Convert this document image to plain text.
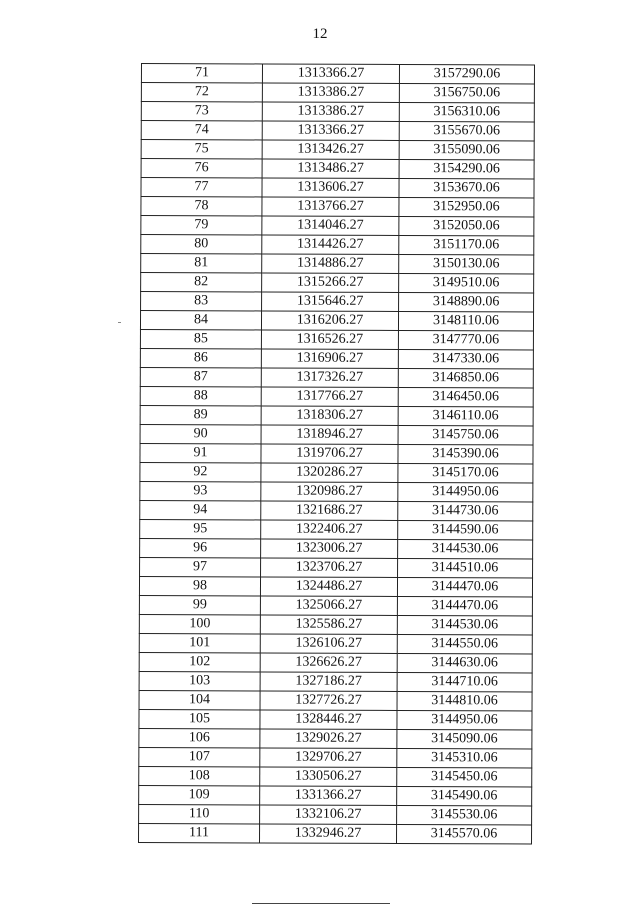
12
71	1313366.27	3157290.06
72	1313386.27	3156750.06
73	1313386.27	3156310.06
74	1313366.27	3155670.06
75	1313426.27	3155090.06
76	1313486.27	3154290.06
77	1313606.27	3153670.06
78	1313766.27	3152950.06
79	1314046.27	3152050.06
80	1314426.27	3151170.06
81	1314886.27	3150130.06
82	1315266.27	3149510.06
83	1315646.27	3148890.06
84	1316206.27	3148110.06
85	1316526.27	3147770.06
86	1316906.27	3147330.06
87	1317326.27	3146850.06
88	1317766.27	3146450.06
89	1318306.27	3146110.06
90	1318946.27	3145750.06
91	1319706.27	3145390.06
92	1320286.27	3145170.06
93	1320986.27	3144950.06
94	1321686.27	3144730.06
95	1322406.27	3144590.06
96	1323006.27	3144530.06
97	1323706.27	3144510.06
98	1324486.27	3144470.06
99	1325066.27	3144470.06
100	1325586.27	3144530.06
101	1326106.27	3144550.06
102	1326626.27	3144630.06
103	1327186.27	3144710.06
104	1327726.27	3144810.06
105	1328446.27	3144950.06
106	1329026.27	3145090.06
107	1329706.27	3145310.06
108	1330506.27	3145450.06
109	1331366.27	3145490.06
110	1332106.27	3145530.06
111	1332946.27	3145570.06
